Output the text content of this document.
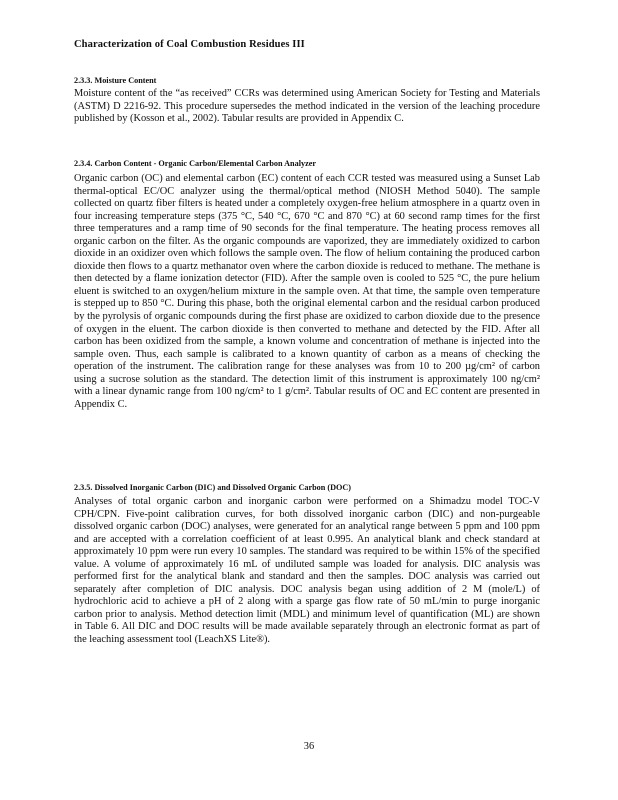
Characterization of Coal Combustion Residues III
2.3.3. Moisture Content

Moisture content of the “as received” CCRs was determined using American Society for Testing and Materials (ASTM) D 2216-92. This procedure supersedes the method indicated in the version of the leaching procedure published by (Kosson et al., 2002). Tabular results are provided in Appendix C.

2.3.4. Carbon Content - Organic Carbon/Elemental Carbon Analyzer

Organic carbon (OC) and elemental carbon (EC) content of each CCR tested was measured using a Sunset Lab thermal-optical EC/OC analyzer using the thermal/optical method (NIOSH Method 5040). The sample collected on quartz fiber filters is heated under a completely oxygen-free helium atmosphere in a quartz oven in four increasing temperature steps (375 °C, 540 °C, 670 °C and 870 °C) at 60 second ramp times for the first three temperatures and a ramp time of 90 seconds for the final temperature. The heating process removes all organic carbon on the filter. As the organic compounds are vaporized, they are immediately oxidized to carbon dioxide in an oxidizer oven which follows the sample oven. The flow of helium containing the produced carbon dioxide then flows to a quartz methanator oven where the carbon dioxide is reduced to methane. The methane is then detected by a flame ionization detector (FID). After the sample oven is cooled to 525 °C, the pure helium eluent is switched to an oxygen/helium mixture in the sample oven. At that time, the sample oven temperature is stepped up to 850 °C. During this phase, both the original elemental carbon and the residual carbon produced by the pyrolysis of organic compounds during the first phase are oxidized to carbon dioxide due to the presence of oxygen in the eluent. The carbon dioxide is then converted to methane and detected by the FID. After all carbon has been oxidized from the sample, a known volume and concentration of methane is injected into the sample oven. Thus, each sample is calibrated to a known quantity of carbon as a means of checking the operation of the instrument. The calibration range for these analyses was from 10 to 200 µg/cm² of carbon using a sucrose solution as the standard. The detection limit of this instrument is approximately 100 ng/cm² with a linear dynamic range from 100 ng/cm² to 1 g/cm². Tabular results of OC and EC content are presented in Appendix C.

2.3.5. Dissolved Inorganic Carbon (DIC) and Dissolved Organic Carbon (DOC)

Analyses of total organic carbon and inorganic carbon were performed on a Shimadzu model TOC-V CPH/CPN. Five-point calibration curves, for both dissolved inorganic carbon (DIC) and non-purgeable dissolved organic carbon (DOC) analyses, were generated for an analytical range between 5 ppm and 100 ppm and are accepted with a correlation coefficient of at least 0.995. An analytical blank and check standard at approximately 10 ppm were run every 10 samples. The standard was required to be within 15% of the specified value. A volume of approximately 16 mL of undiluted sample was loaded for analysis. DIC analysis was performed first for the analytical blank and standard and then the samples. DOC analysis was carried out separately after completion of DIC analysis. DOC analysis began using addition of 2 M (mole/L) of hydrochloric acid to achieve a pH of 2 along with a sparge gas flow rate of 50 mL/min to purge inorganic carbon prior to analysis. Method detection limit (MDL) and minimum level of quantification (ML) are shown in Table 6. All DIC and DOC results will be made available separately through an electronic format as part of the leaching assessment tool (LeachXS Lite®).

36
